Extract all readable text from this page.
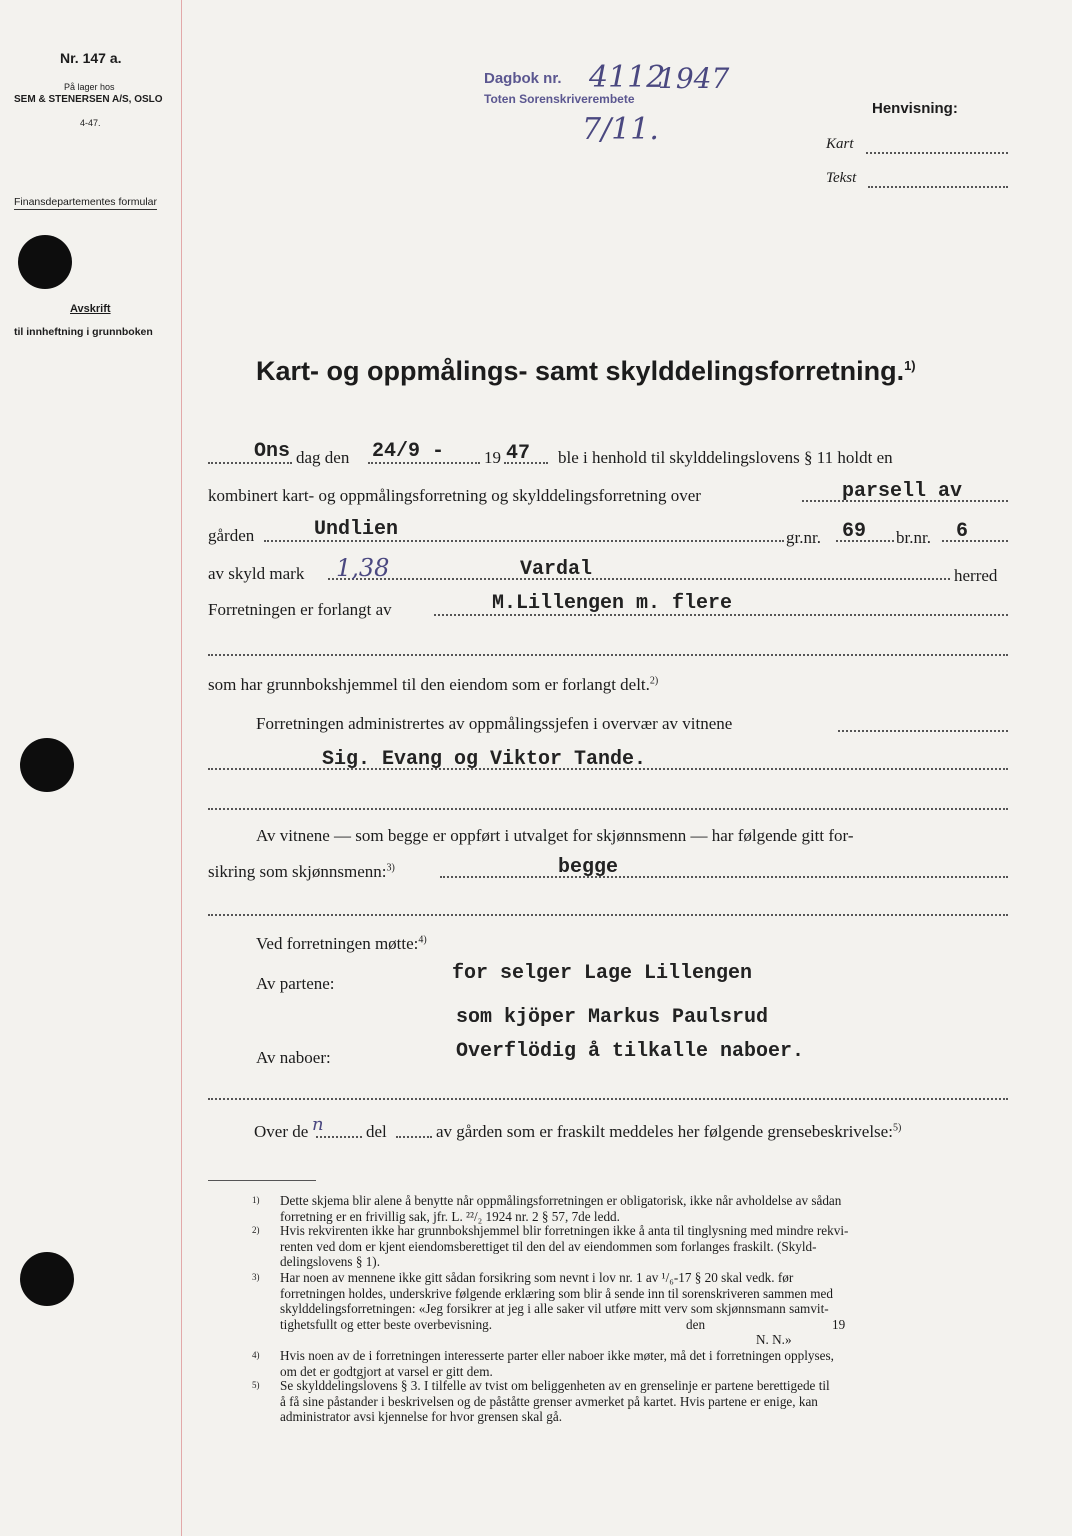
Nr. 147 a.
På lager hos
SEM & STENERSEN A/S, OSLO
4-47.
Finansdepartementes formular
Avskrift
til innheftning i grunnboken
Dagbok nr. 4112
1947
Toten Sorenskriverembete
7/11.
Henvisning:
Kart
Tekst
Kart- og oppmålings- samt skylddelingsforretning.$^{1)}$
Ons dag den 24/9 - 19 47 ble i henhold til skylddelingslovens § 11 holdt en
kombinert kart- og oppmålingsforretning og skylddelingsforretning over	parsell av
gården	Undlien	gr.nr. 69 br.nr. 6
av skyld mark 1,38	Vardal	herred
Forretningen er forlangt av	M.Lillengen m. flere
som har grunnbokshjemmel til den eiendom som er forlangt delt.$^{2)}$
Forretningen administrertes av oppmålingssjefen i overvær av vitnene
Sig. Evang og Viktor Tande.
Av vitnene — som begge er oppført i utvalget for skjønnsmenn — har følgende gitt for-
sikring som skjønnsmenn:$^{3)}$	begge
Ved forretningen møtte:$^{4)}$
Av partene:	for selger Lage Lillengen
som kjöper Markus Paulsrud
Av naboer:	Overflödig å tilkalle naboer.
Over de n del	av gården som er fraskilt meddeles her følgende grensebeskrivelse:$^{5)}$
1)	Dette skjema blir alene å benytte når oppmålingsforretningen er obligatorisk, ikke når avholdelse av sådan
forretning er en frivillig sak, jfr. L. ²²/₂ 1924 nr. 2 § 57, 7de ledd.
2)	Hvis rekvirenten ikke har grunnbokshjemmel blir forretningen ikke å anta til tinglysning med mindre rekvi-
renten ved dom er kjent eiendomsberettiget til den del av eiendommen som forlanges fraskilt. (Skyld-
delingslovens § 1).
3)	Har noen av mennene ikke gitt sådan forsikring som nevnt i lov nr. 1 av ¹/₆-17 § 20 skal vedk. før
forretningen holdes, underskrive følgende erklæring som blir å sende inn til sorenskriveren sammen med
skylddelingsforretningen: «Jeg forsikrer at jeg i alle saker vil utføre mitt verv som skjønnsmann samvit-
tighetsfullt og etter beste overbevisning.	den	19
N. N.»
4)	Hvis noen av de i forretningen interesserte parter eller naboer ikke møter, må det i forretningen opplyses,
om det er godtgjort at varsel er gitt dem.
5)	Se skylddelingslovens § 3. I tilfelle av tvist om beliggenheten av en grenselinje er partene berettigede til
å få sine påstander i beskrivelsen og de påståtte grenser avmerket på kartet. Hvis partene er enige, kan
administrator avsi kjennelse for hvor grensen skal gå.
